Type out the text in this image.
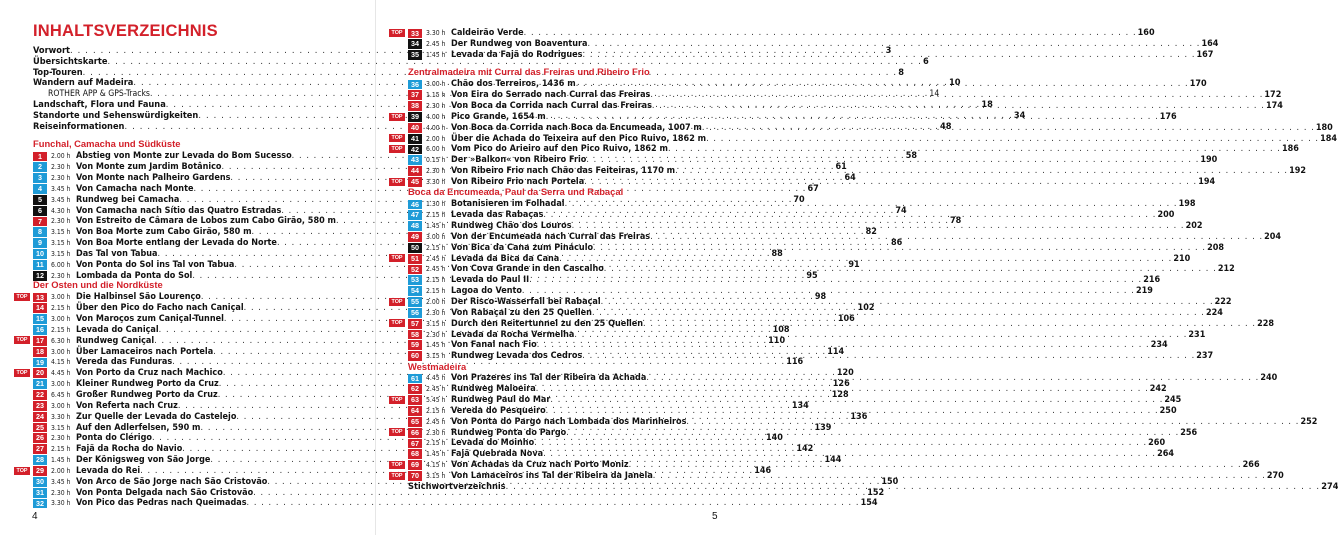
INHALTSVERZEICHNIS
Vorwort . . .	3
Übersichtskarte . . .	6
Top-Touren . . .	8
Wandern auf Madeira . . .	10
ROTHER APP & GPS-Tracks . . .	14
Landschaft, Flora und Fauna . . .	18
Standorte und Sehenswürdigkeiten . . .	34
Reiseinformationen . . .	48
Funchal, Camacha und Südküste
1	2.00 h Abstieg von Monte zur Levada do Bom Sucesso . . .	58
2	2.30 h Von Monte zum Jardim Botânico . . .	61
3	2.30 h Von Monte nach Palheiro Gardens . . .	64
4	3.45 h Von Camacha nach Monte . . .	67
5	3.45 h Rundweg bei Camacha . . .	70
6	4.30 h Von Camacha nach Sítio das Quatro Estradas . . .	74
7	2.30 h Von Estreito de Câmara de Lobos zum Cabo Girão, 580 m . . .	78
8	3.15 h Von Boa Morte zum Cabo Girão, 580 m . . .	82
9	3.15 h Von Boa Morte entlang der Levada do Norte . . .	86
10	3.15 h Das Tal von Tabua . . .	88
11	6.00 h Von Ponta do Sol ins Tal von Tabua . . .	91
12	2.30 h Lombada da Ponta do Sol . . .	95
Der Osten und die Nordküste
TOP	13	3.00 h Die Halbinsel São Lourenço . . .	98
14	2.15 h Über den Pico do Facho nach Caniçal . . .	102
15	3.00 h Von Maroços zum Caniçal-Tunnel . . .	106
16	2.15 h Levada do Caniçal . . .	108
TOP	17	6.30 h Rundweg Caniçal . . .	110
18	3.00 h Über Lamaceiros nach Portela . . .	114
19	4.15 h Vereda das Funduras . . .	116
TOP	20	4.45 h Von Porto da Cruz nach Machico . . .	120
21	3.00 h Kleiner Rundweg Porto da Cruz . . .	126
22	6.45 h Großer Rundweg Porto da Cruz . . .	128
23	3.00 h Von Referta nach Cruz . . .	134
24	3.30 h Zur Quelle der Levada do Castelejo . . .	136
25	3.15 h Auf den Adlerfelsen, 590 m . . .	139
26	2.30 h Ponta do Clérigo . . .	140
27	2.15 h Fajã da Rocha do Navio . . .	142
28	1.45 h Der Königsweg von São Jorge . . .	144
TOP	29	2.00 h Levada do Rei . . .	146
30	3.45 h Von Arco de São Jorge nach São Cristovão . . .	150
31	2.30 h Von Ponta Delgada nach São Cristovão . . .	152
32	3.30 h Von Pico das Pedras nach Queimadas . . .	154
4
TOP	33	3.30 h Caldeirão Verde . . .	160
34	2.45 h Der Rundweg von Boaventura . . .	164
35	1.45 h Levada da Fajã do Rodrigues . . .	167
Zentralmadeira mit Curral das Freiras und Ribeiro Frio
36	3.00 h Chão dos Terreiros, 1436 m . . .	170
37	1.15 h Von Eira do Serrado nach Curral das Freiras . . .	172
38	2.30 h Von Boca da Corrida nach Curral das Freiras . . .	174
TOP	39	4.00 h Pico Grande, 1654 m . . .	176
40	4.00 h Von Boca da Corrida nach Boca da Encumeada, 1007 m . . .	180
TOP	41	2.00 h Über die Achada do Teixeira auf den Pico Ruivo, 1862 m . . .	184
TOP	42	6.00 h Vom Pico do Arieiro auf den Pico Ruivo, 1862 m . . .	186
43	0.15 h Der »Balkon« von Ribeiro Frio . . .	190
44	2.30 h Von Ribeiro Frio nach Chão das Feiteiras, 1170 m . . .	192
TOP	45	3.30 h Von Ribeiro Frio nach Portela . . .	194
Boca da Encumeada, Paul da Serra und Rabaçal
46	1.30 h Botanisieren im Folhadal . . .	198
47	2.15 h Levada das Rabaças . . .	200
48	1.45 h Rundweg Chão dos Louros . . .	202
49	3.00 h Von der Encumeada nach Curral das Freiras . . .	204
50	2.15 h Von Bica da Cana zum Pináculo . . .	208
TOP	51	2.45 h Levada da Bica da Cana . . .	210
52	2.45 h Von Cova Grande in den Cascalho . . .	212
53	2.15 h Levada do Paul II . . .	216
54	2.15 h Lagoa do Vento . . .	219
TOP	55	2.00 h Der Risco-Wasserfall bei Rabaçal . . .	222
56	2.30 h Von Rabaçal zu den 25 Quellen . . .	224
TOP	57	3.15 h Durch den Reitertunnel zu den 25 Quellen . . .	228
58	2.30 h Levada da Rocha Vermelha . . .	231
59	1.45 h Von Fanal nach Fio . . .	234
60	3.15 h Rundweg Levada dos Cedros . . .	237
Westmadeira
61	4.45 h Von Prazeres ins Tal der Ribeira da Achada . . .	240
62	2.45 h Rundweg Maloeira . . .	242
TOP	63	5.45 h Rundweg Paul do Mar . . .	245
64	2.15 h Vereda do Pesqueiro . . .	250
65	2.45 h Von Ponta do Pargo nach Lombada dos Marinheiros . . .	252
TOP	66	2.30 h Rundweg Ponta do Pargo . . .	256
67	2.15 h Levada do Moinho . . .	260
68	1.45 h Fajã Quebrada Nova . . .	264
TOP	69	4.15 h Von Achadas da Cruz nach Porto Moniz . . .	266
TOP	70	3.15 h Von Lamaceiros ins Tal der Ribeira da Janela . . .	270
5
Stichwortverzeichnis . . .	274
